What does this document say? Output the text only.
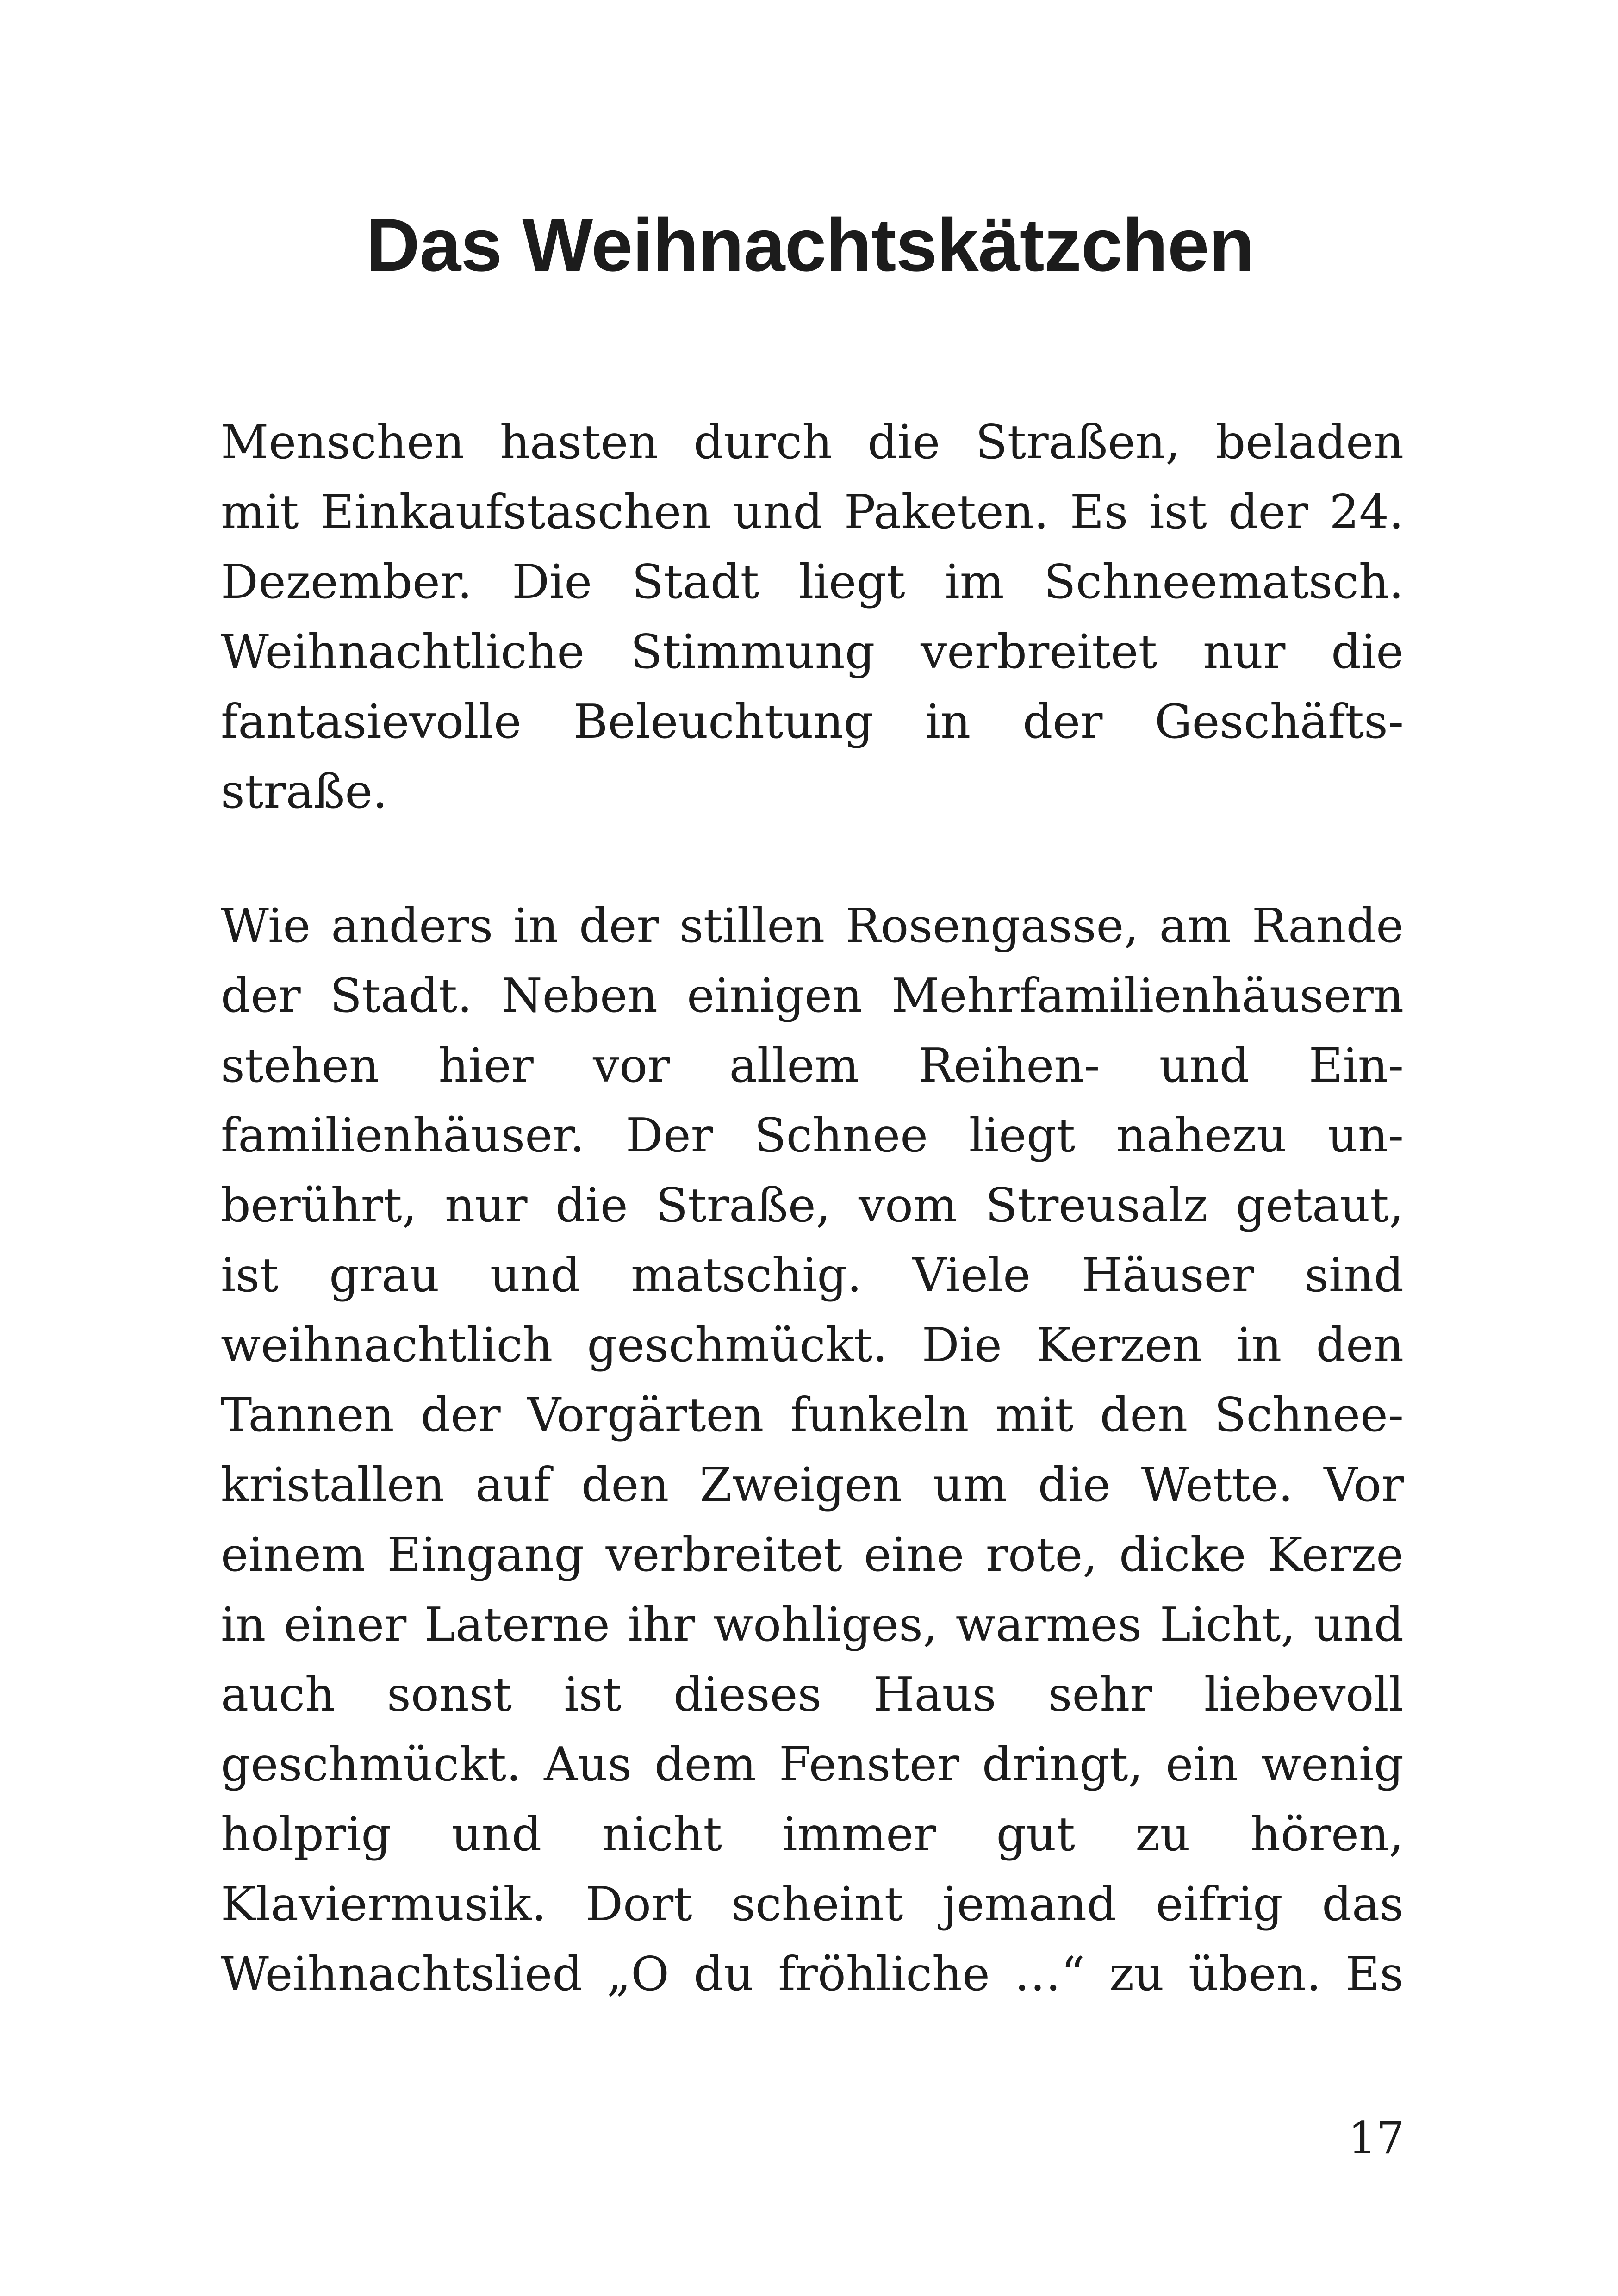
Das Weihnachtskätzchen
Menschen hasten durch die Straßen, beladen
mit Einkaufstaschen und Paketen. Es ist der 24.
Dezember. Die Stadt liegt im Schneematsch.
Weihnachtliche Stimmung verbreitet nur die
fantasievolle Beleuchtung in der Geschäfts-
straße.
Wie anders in der stillen Rosengasse, am Rande
der Stadt. Neben einigen Mehrfamilienhäusern
stehen hier vor allem Reihen- und Ein-
familienhäuser. Der Schnee liegt nahezu un-
berührt, nur die Straße, vom Streusalz getaut,
ist grau und matschig. Viele Häuser sind
weihnachtlich geschmückt. Die Kerzen in den
Tannen der Vorgärten funkeln mit den Schnee-
kristallen auf den Zweigen um die Wette. Vor
einem Eingang verbreitet eine rote, dicke Kerze
in einer Laterne ihr wohliges, warmes Licht, und
auch sonst ist dieses Haus sehr liebevoll
geschmückt. Aus dem Fenster dringt, ein wenig
holprig und nicht immer gut zu hören,
Klaviermusik. Dort scheint jemand eifrig das
Weihnachtslied „O du fröhliche …“ zu üben. Es
17
